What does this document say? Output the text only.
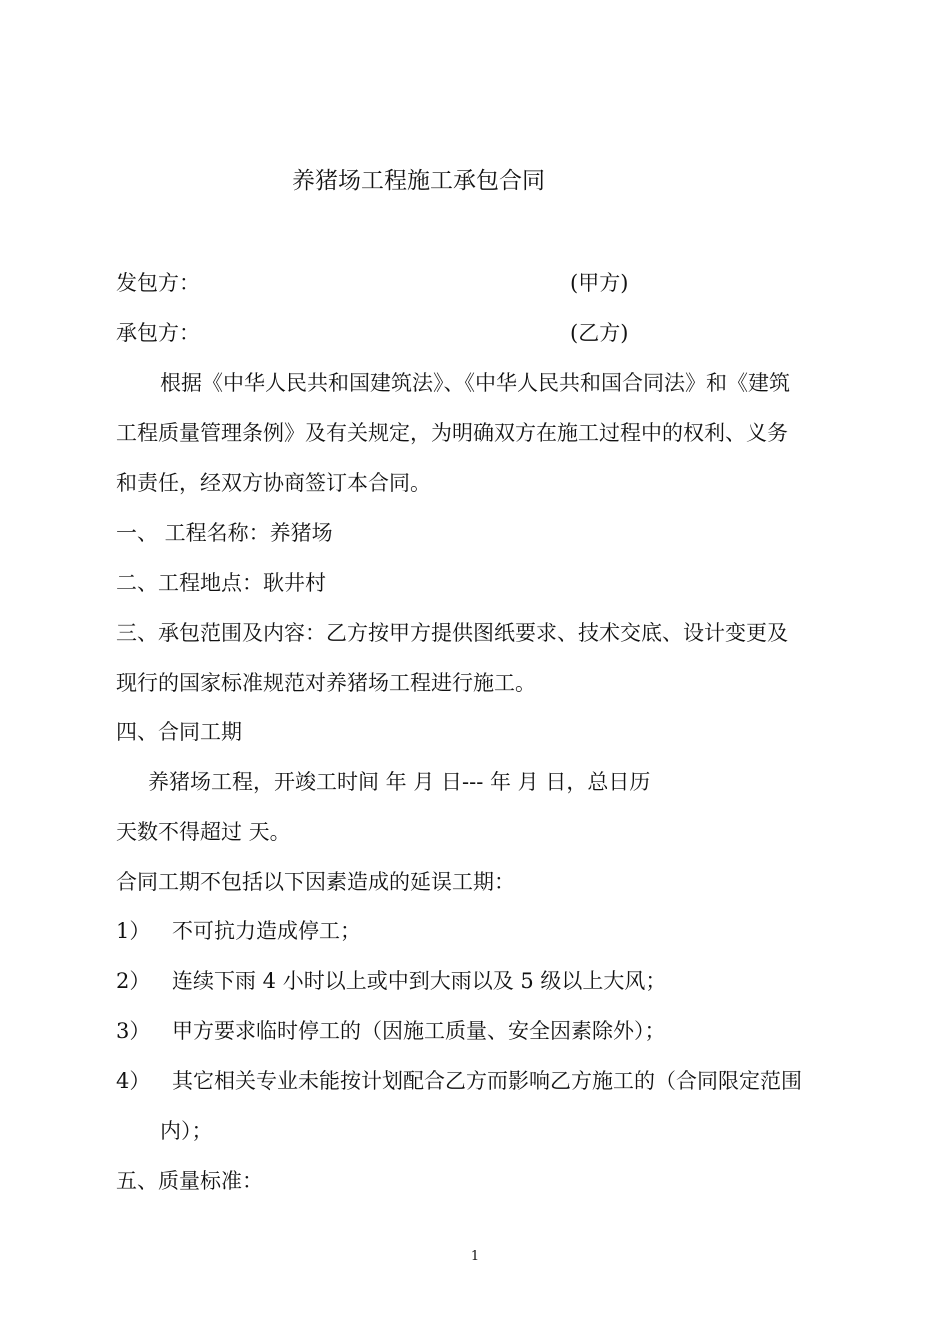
养猪场工程施工承包合同
发包方：	(甲方)
承包方：	(乙方)
根据《中华人民共和国建筑法》、《中华人民共和国合同法》和《建筑
工程质量管理条例》及有关规定，为明确双方在施工过程中的权利、义务
和责任，经双方协商签订本合同。
一、 工程名称：养猪场
二、工程地点：耿井村
三、承包范围及内容：乙方按甲方提供图纸要求、技术交底、设计变更及
现行的国家标准规范对养猪场工程进行施工。
四、合同工期
养猪场工程，开竣工时间 年 月 日--- 年 月 日，总日历
天数不得超过 天。
合同工期不包括以下因素造成的延误工期：
1） 不可抗力造成停工；
2） 连续下雨 4 小时以上或中到大雨以及 5 级以上大风；
3） 甲方要求临时停工的（因施工质量、安全因素除外）；
4） 其它相关专业未能按计划配合乙方而影响乙方施工的（合同限定范围
内）；
五、质量标准：
1
